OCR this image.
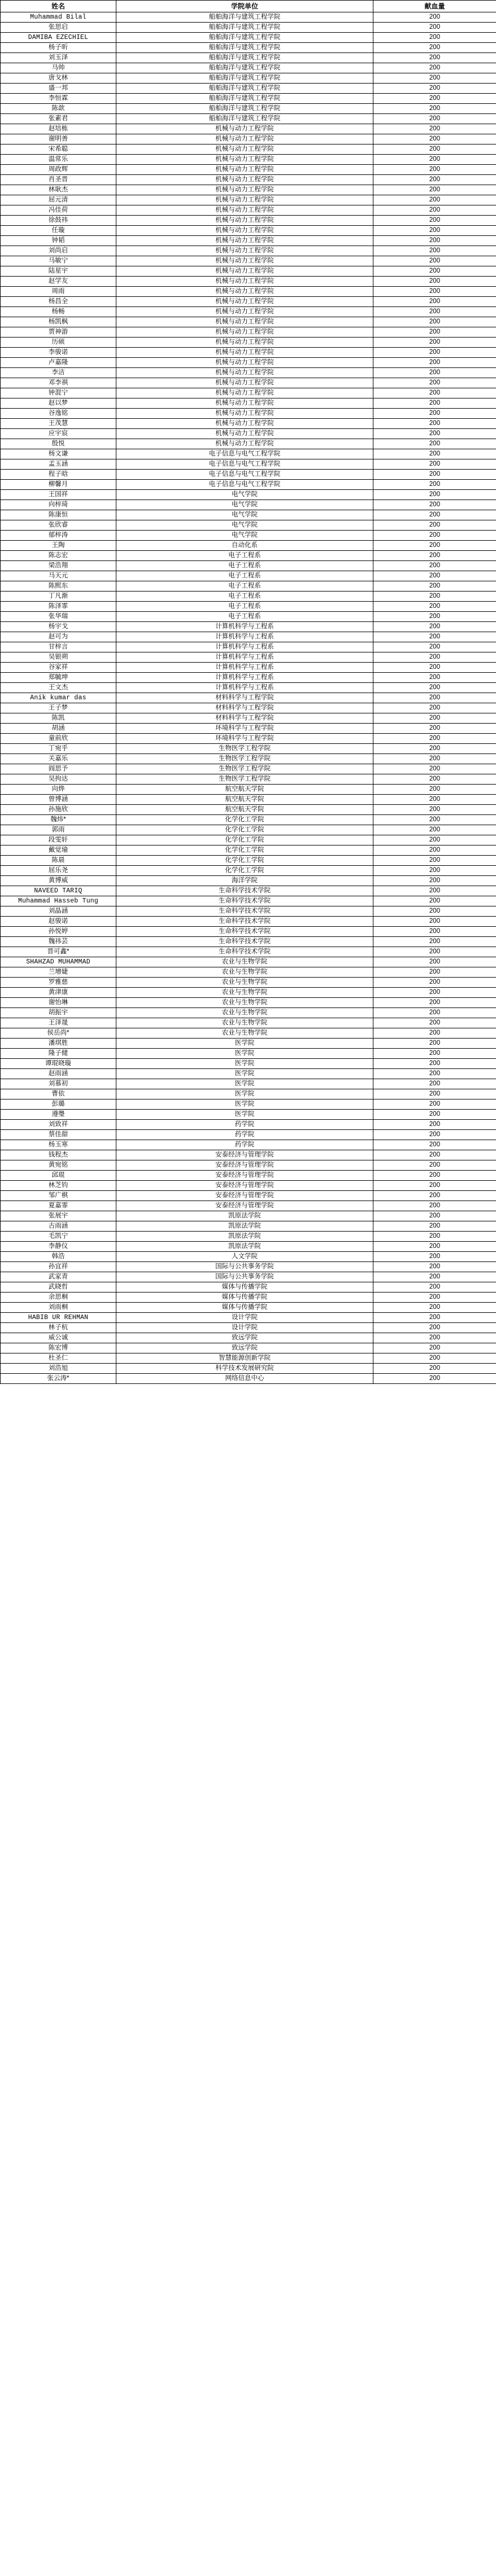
姓名	学院单位	献血量
Muhammad Bilal	船舶海洋与建筑工程学院	200
张思启	船舶海洋与建筑工程学院	200
DAMIBA EZECHIEL	船舶海洋与建筑工程学院	200
杨子昕	船舶海洋与建筑工程学院	200
刘玉泽	船舶海洋与建筑工程学院	200
马帅	船舶海洋与建筑工程学院	200
唐戈林	船舶海洋与建筑工程学院	200
盛一邦	船舶海洋与建筑工程学院	200
李恒霖	船舶海洋与建筑工程学院	200
陈歆	船舶海洋与建筑工程学院	200
张素君	船舶海洋与建筑工程学院	200
赵培栋	机械与动力工程学院	200
谢明善	机械与动力工程学院	200
宋希聪	机械与动力工程学院	200
温常乐	机械与动力工程学院	200
周政辉	机械与动力工程学院	200
肖圣晋	机械与动力工程学院	200
林耿杰	机械与动力工程学院	200
屈元清	机械与动力工程学院	200
冯佳荷	机械与动力工程学院	200
徐鼓祎	机械与动力工程学院	200
任璇	机械与动力工程学院	200
钟韬	机械与动力工程学院	200
刘尚启	机械与动力工程学院	200
马敏宁	机械与动力工程学院	200
陆星宇	机械与动力工程学院	200
赵学友	机械与动力工程学院	200
周雨	机械与动力工程学院	200
杨昌全	机械与动力工程学院	200
杨畅	机械与动力工程学院	200
杨凯枫	机械与动力工程学院	200
贾神游	机械与动力工程学院	200
历硕	机械与动力工程学院	200
李骏诺	机械与动力工程学院	200
卢嘉隆	机械与动力工程学院	200
李洁	机械与动力工程学院	200
邓李祺	机械与动力工程学院	200
钟混宁	机械与动力工程学院	200
赵以梦	机械与动力工程学院	200
谷逸铭	机械与动力工程学院	200
王茂慧	机械与动力工程学院	200
应宇宸	机械与动力工程学院	200
殷悦	机械与动力工程学院	200
杨文谦	电子信息与电气工程学院	200
孟玉涵	电子信息与电气工程学院	200
程子晗	电子信息与电气工程学院	200
柳馨月	电子信息与电气工程学院	200
王国祥	电气学院	200
向梓琦	电气学院	200
陈康恒	电气学院	200
张欣睿	电气学院	200
郁梓涛	电气学院	200
王陶	自动化系	200
陈志宏	电子工程系	200
梁浩翔	电子工程系	200
马天元	电子工程系	200
陈熙东	电子工程系	200
丁凡渐	电子工程系	200
陈泽霏	电子工程系	200
张华瑞	电子工程系	200
杨宇戈	计算机科学与工程系	200
赵可为	计算机科学与工程系	200
甘梓言	计算机科学与工程系	200
吴银朔	计算机科学与工程系	200
谷家祥	计算机科学与工程系	200
郑毓坤	计算机科学与工程系	200
王文杰	计算机科学与工程系	200
Anik kumar das	材料科学与工程学院	200
王子梦	材料科学与工程学院	200
陈凯	材料科学与工程学院	200
胡涵	环境科学与工程学院	200
童前欣	环境科学与工程学院	200
丁宛乎	生物医学工程学院	200
关嘉乐	生物医学工程学院	200
阎思予	生物医学工程学院	200
吴拘达	生物医学工程学院	200
向烨	航空航天学院	200
曾博涵	航空航天学院	200
孙施欣	航空航天学院	200
魏炜*	化学化工学院	200
郭雨	化学化工学院	200
段雯轩	化学化工学院	200
戴觉瑜	化学化工学院	200
陈晨	化学化工学院	200
屈乐尧	化学化工学院	200
黄博威	海洋学院	200
NAVEED TARIQ	生命科学技术学院	200
Muhammad Hasseb Tung	生命科学技术学院	200
刘晶涵	生命科学技术学院	200
赵骏诺	生命科学技术学院	200
孙悦婷	生命科学技术学院	200
魏祎芸	生命科学技术学院	200
晋可鑫*	生命科学技术学院	200
SHAHZAD MUHAMMAD	农业与生物学院	200
兰增婕	农业与生物学院	200
罗雅慈	农业与生物学院	200
黄津康	农业与生物学院	200
谢怡琳	农业与生物学院	200
胡振宇	农业与生物学院	200
王泽晟	农业与生物学院	200
侯岳尚*	农业与生物学院	200
潘琪胜	医学院	200
隆子健	医学院	200
谭琨晓璇	医学院	200
赵雨涵	医学院	200
刘慕初	医学院	200
曹依	医学院	200
彭璐	医学院	200
遵璺	医学院	200
刘致祥	药学院	200
蔡佳甜	药学院	200
杨玉寒	药学院	200
钱程杰	安泰经济与管理学院	200
黄宛铭	安泰经济与管理学院	200
邱琨	安泰经济与管理学院	200
林芝钧	安泰经济与管理学院	200
邹广棋	安泰经济与管理学院	200
夏嘉霏	安泰经济与管理学院	200
张展宇	凯原法学院	200
古雨涵	凯原法学院	200
毛凯宁	凯原法学院	200
李静仪	凯原法学院	200
韩浩	人文学院	200
孙宜祥	国际与公共事务学院	200
武家青	国际与公共事务学院	200
武晓哲	媒体与传播学院	200
余思桐	媒体与传播学院	200
刘雨桐	媒体与传播学院	200
HABIB UR REHMAN	设计学院	200
林子杭	设计学院	200
威公诚	致远学院	200
陈宏博	致远学院	200
杜圣仁	智慧能源创新学院	200
刘浩旭	科学技术发展研究院	200
张云涛*	网络信息中心	200
